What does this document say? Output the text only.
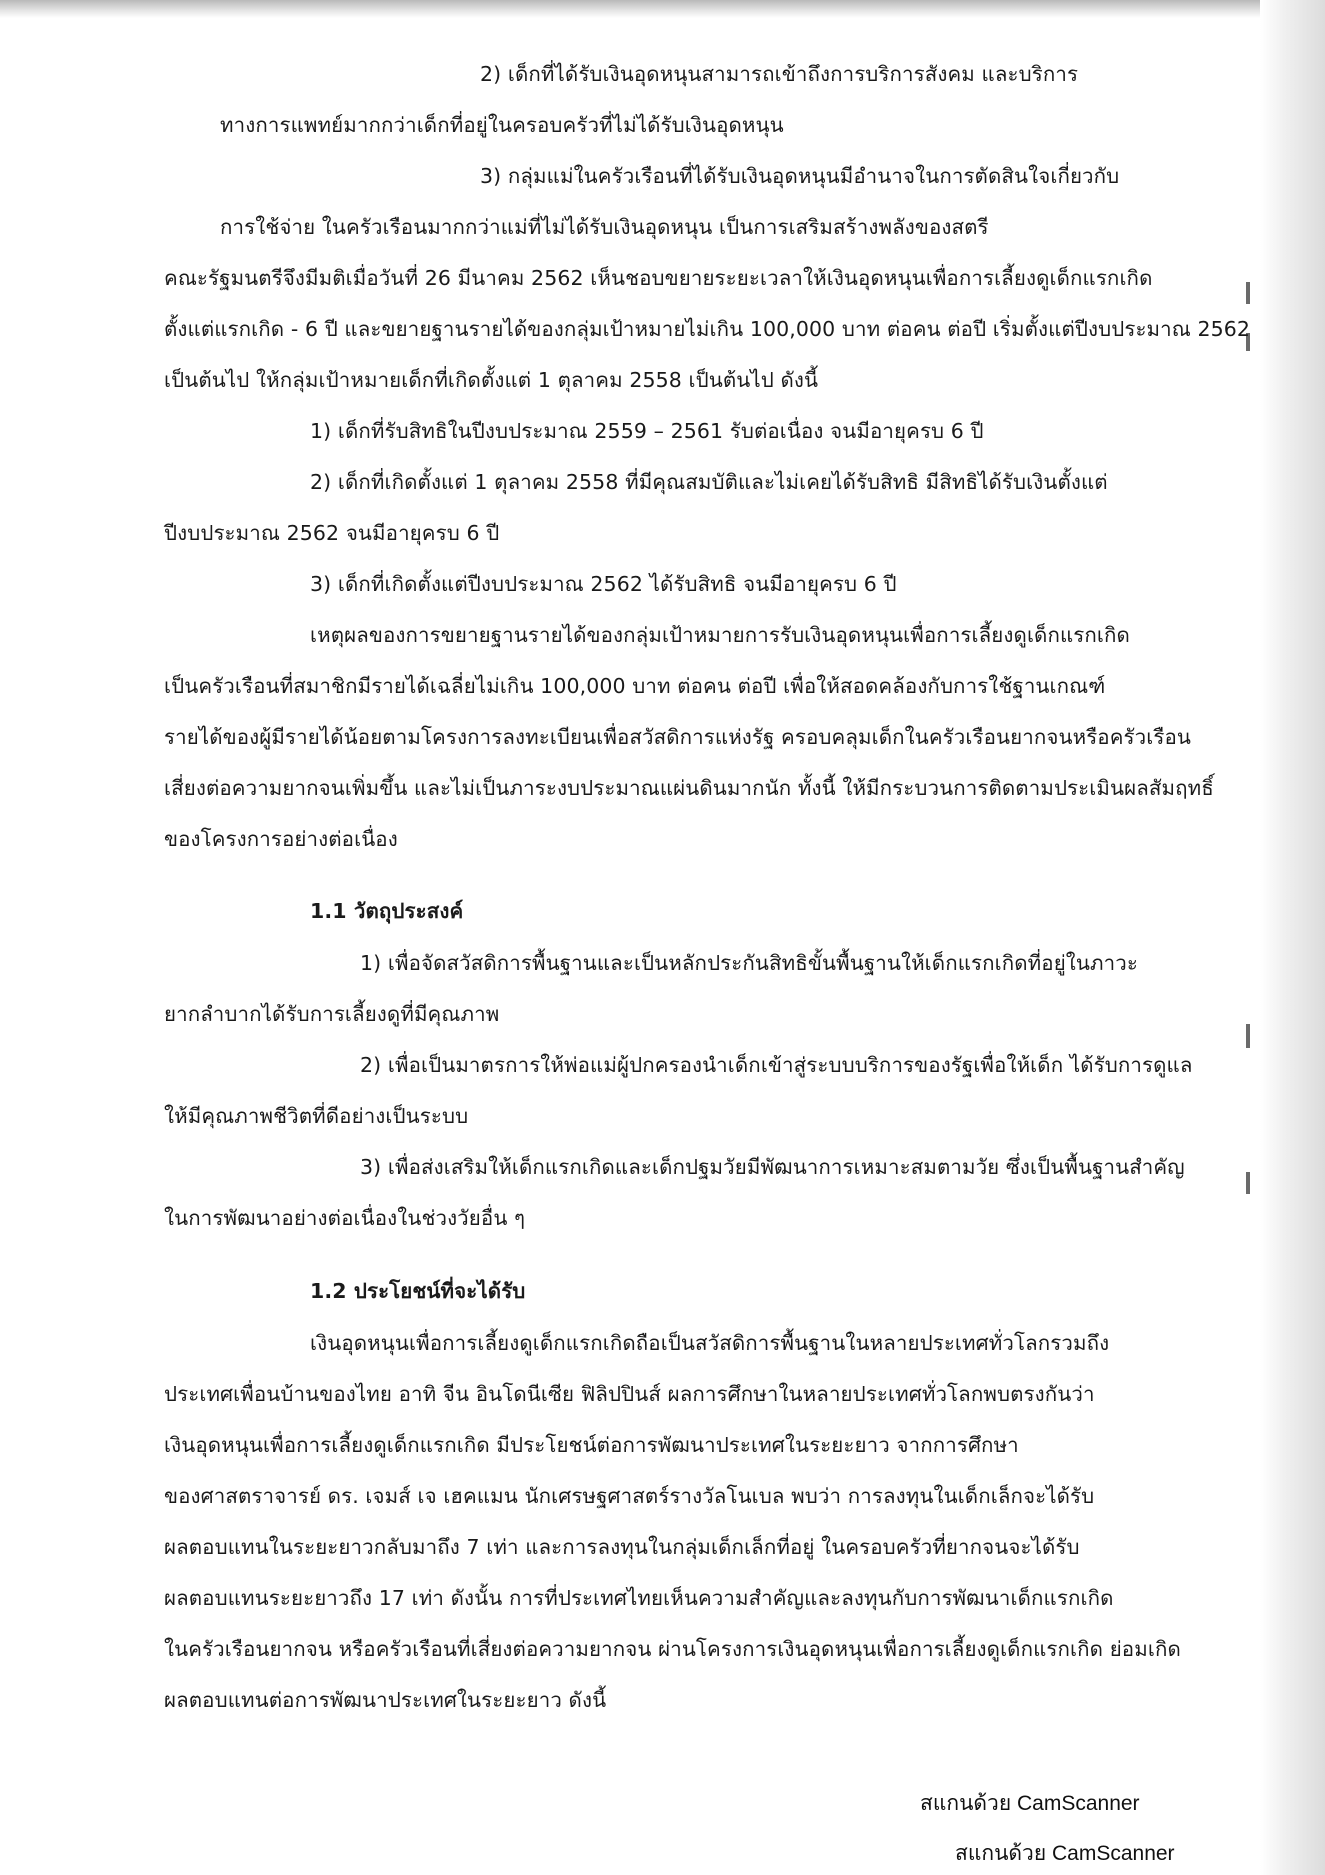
2) เด็กที่ได้รับเงินอุดหนุนสามารถเข้าถึงการบริการสังคม และบริการ
ทางการแพทย์มากกว่าเด็กที่อยู่ในครอบครัวที่ไม่ได้รับเงินอุดหนุน
3) กลุ่มแม่ในครัวเรือนที่ได้รับเงินอุดหนุนมีอำนาจในการตัดสินใจเกี่ยวกับ
การใช้จ่าย ในครัวเรือนมากกว่าแม่ที่ไม่ได้รับเงินอุดหนุน เป็นการเสริมสร้างพลังของสตรี
คณะรัฐมนตรีจึงมีมติเมื่อวันที่ 26 มีนาคม 2562 เห็นชอบขยายระยะเวลาให้เงินอุดหนุนเพื่อการเลี้ยงดูเด็กแรกเกิด
ตั้งแต่แรกเกิด - 6 ปี และขยายฐานรายได้ของกลุ่มเป้าหมายไม่เกิน 100,000 บาท ต่อคน ต่อปี เริ่มตั้งแต่ปีงบประมาณ 2562
เป็นต้นไป ให้กลุ่มเป้าหมายเด็กที่เกิดตั้งแต่ 1 ตุลาคม 2558 เป็นต้นไป ดังนี้
1) เด็กที่รับสิทธิในปีงบประมาณ 2559 – 2561 รับต่อเนื่อง จนมีอายุครบ 6 ปี
2) เด็กที่เกิดตั้งแต่ 1 ตุลาคม 2558 ที่มีคุณสมบัติและไม่เคยได้รับสิทธิ มีสิทธิได้รับเงินตั้งแต่
ปีงบประมาณ 2562 จนมีอายุครบ 6 ปี
3) เด็กที่เกิดตั้งแต่ปีงบประมาณ 2562 ได้รับสิทธิ จนมีอายุครบ 6 ปี
เหตุผลของการขยายฐานรายได้ของกลุ่มเป้าหมายการรับเงินอุดหนุนเพื่อการเลี้ยงดูเด็กแรกเกิด
เป็นครัวเรือนที่สมาชิกมีรายได้เฉลี่ยไม่เกิน 100,000 บาท ต่อคน ต่อปี เพื่อให้สอดคล้องกับการใช้ฐานเกณฑ์
รายได้ของผู้มีรายได้น้อยตามโครงการลงทะเบียนเพื่อสวัสดิการแห่งรัฐ ครอบคลุมเด็กในครัวเรือนยากจนหรือครัวเรือน
เสี่ยงต่อความยากจนเพิ่มขึ้น และไม่เป็นภาระงบประมาณแผ่นดินมากนัก ทั้งนี้ ให้มีกระบวนการติดตามประเมินผลสัมฤทธิ์
ของโครงการอย่างต่อเนื่อง
1.1 วัตถุประสงค์
1) เพื่อจัดสวัสดิการพื้นฐานและเป็นหลักประกันสิทธิขั้นพื้นฐานให้เด็กแรกเกิดที่อยู่ในภาวะ
ยากลำบากได้รับการเลี้ยงดูที่มีคุณภาพ
2) เพื่อเป็นมาตรการให้พ่อแม่ผู้ปกครองนำเด็กเข้าสู่ระบบบริการของรัฐเพื่อให้เด็ก ได้รับการดูแล
ให้มีคุณภาพชีวิตที่ดีอย่างเป็นระบบ
3) เพื่อส่งเสริมให้เด็กแรกเกิดและเด็กปฐมวัยมีพัฒนาการเหมาะสมตามวัย ซึ่งเป็นพื้นฐานสำคัญ
ในการพัฒนาอย่างต่อเนื่องในช่วงวัยอื่น ๆ
1.2 ประโยชน์ที่จะได้รับ
เงินอุดหนุนเพื่อการเลี้ยงดูเด็กแรกเกิดถือเป็นสวัสดิการพื้นฐานในหลายประเทศทั่วโลกรวมถึง
ประเทศเพื่อนบ้านของไทย อาทิ จีน อินโดนีเซีย ฟิลิปปินส์ ผลการศึกษาในหลายประเทศทั่วโลกพบตรงกันว่า
เงินอุดหนุนเพื่อการเลี้ยงดูเด็กแรกเกิด มีประโยชน์ต่อการพัฒนาประเทศในระยะยาว จากการศึกษา
ของศาสตราจารย์ ดร. เจมส์ เจ เฮคแมน นักเศรษฐศาสตร์รางวัลโนเบล พบว่า การลงทุนในเด็กเล็กจะได้รับ
ผลตอบแทนในระยะยาวกลับมาถึง 7 เท่า และการลงทุนในกลุ่มเด็กเล็กที่อยู่ ในครอบครัวที่ยากจนจะได้รับ
ผลตอบแทนระยะยาวถึง 17 เท่า ดังนั้น การที่ประเทศไทยเห็นความสำคัญและลงทุนกับการพัฒนาเด็กแรกเกิด
ในครัวเรือนยากจน หรือครัวเรือนที่เสี่ยงต่อความยากจน ผ่านโครงการเงินอุดหนุนเพื่อการเลี้ยงดูเด็กแรกเกิด ย่อมเกิด
ผลตอบแทนต่อการพัฒนาประเทศในระยะยาว ดังนี้
สแกนด้วย CamScanner
สแกนด้วย CamScanner
